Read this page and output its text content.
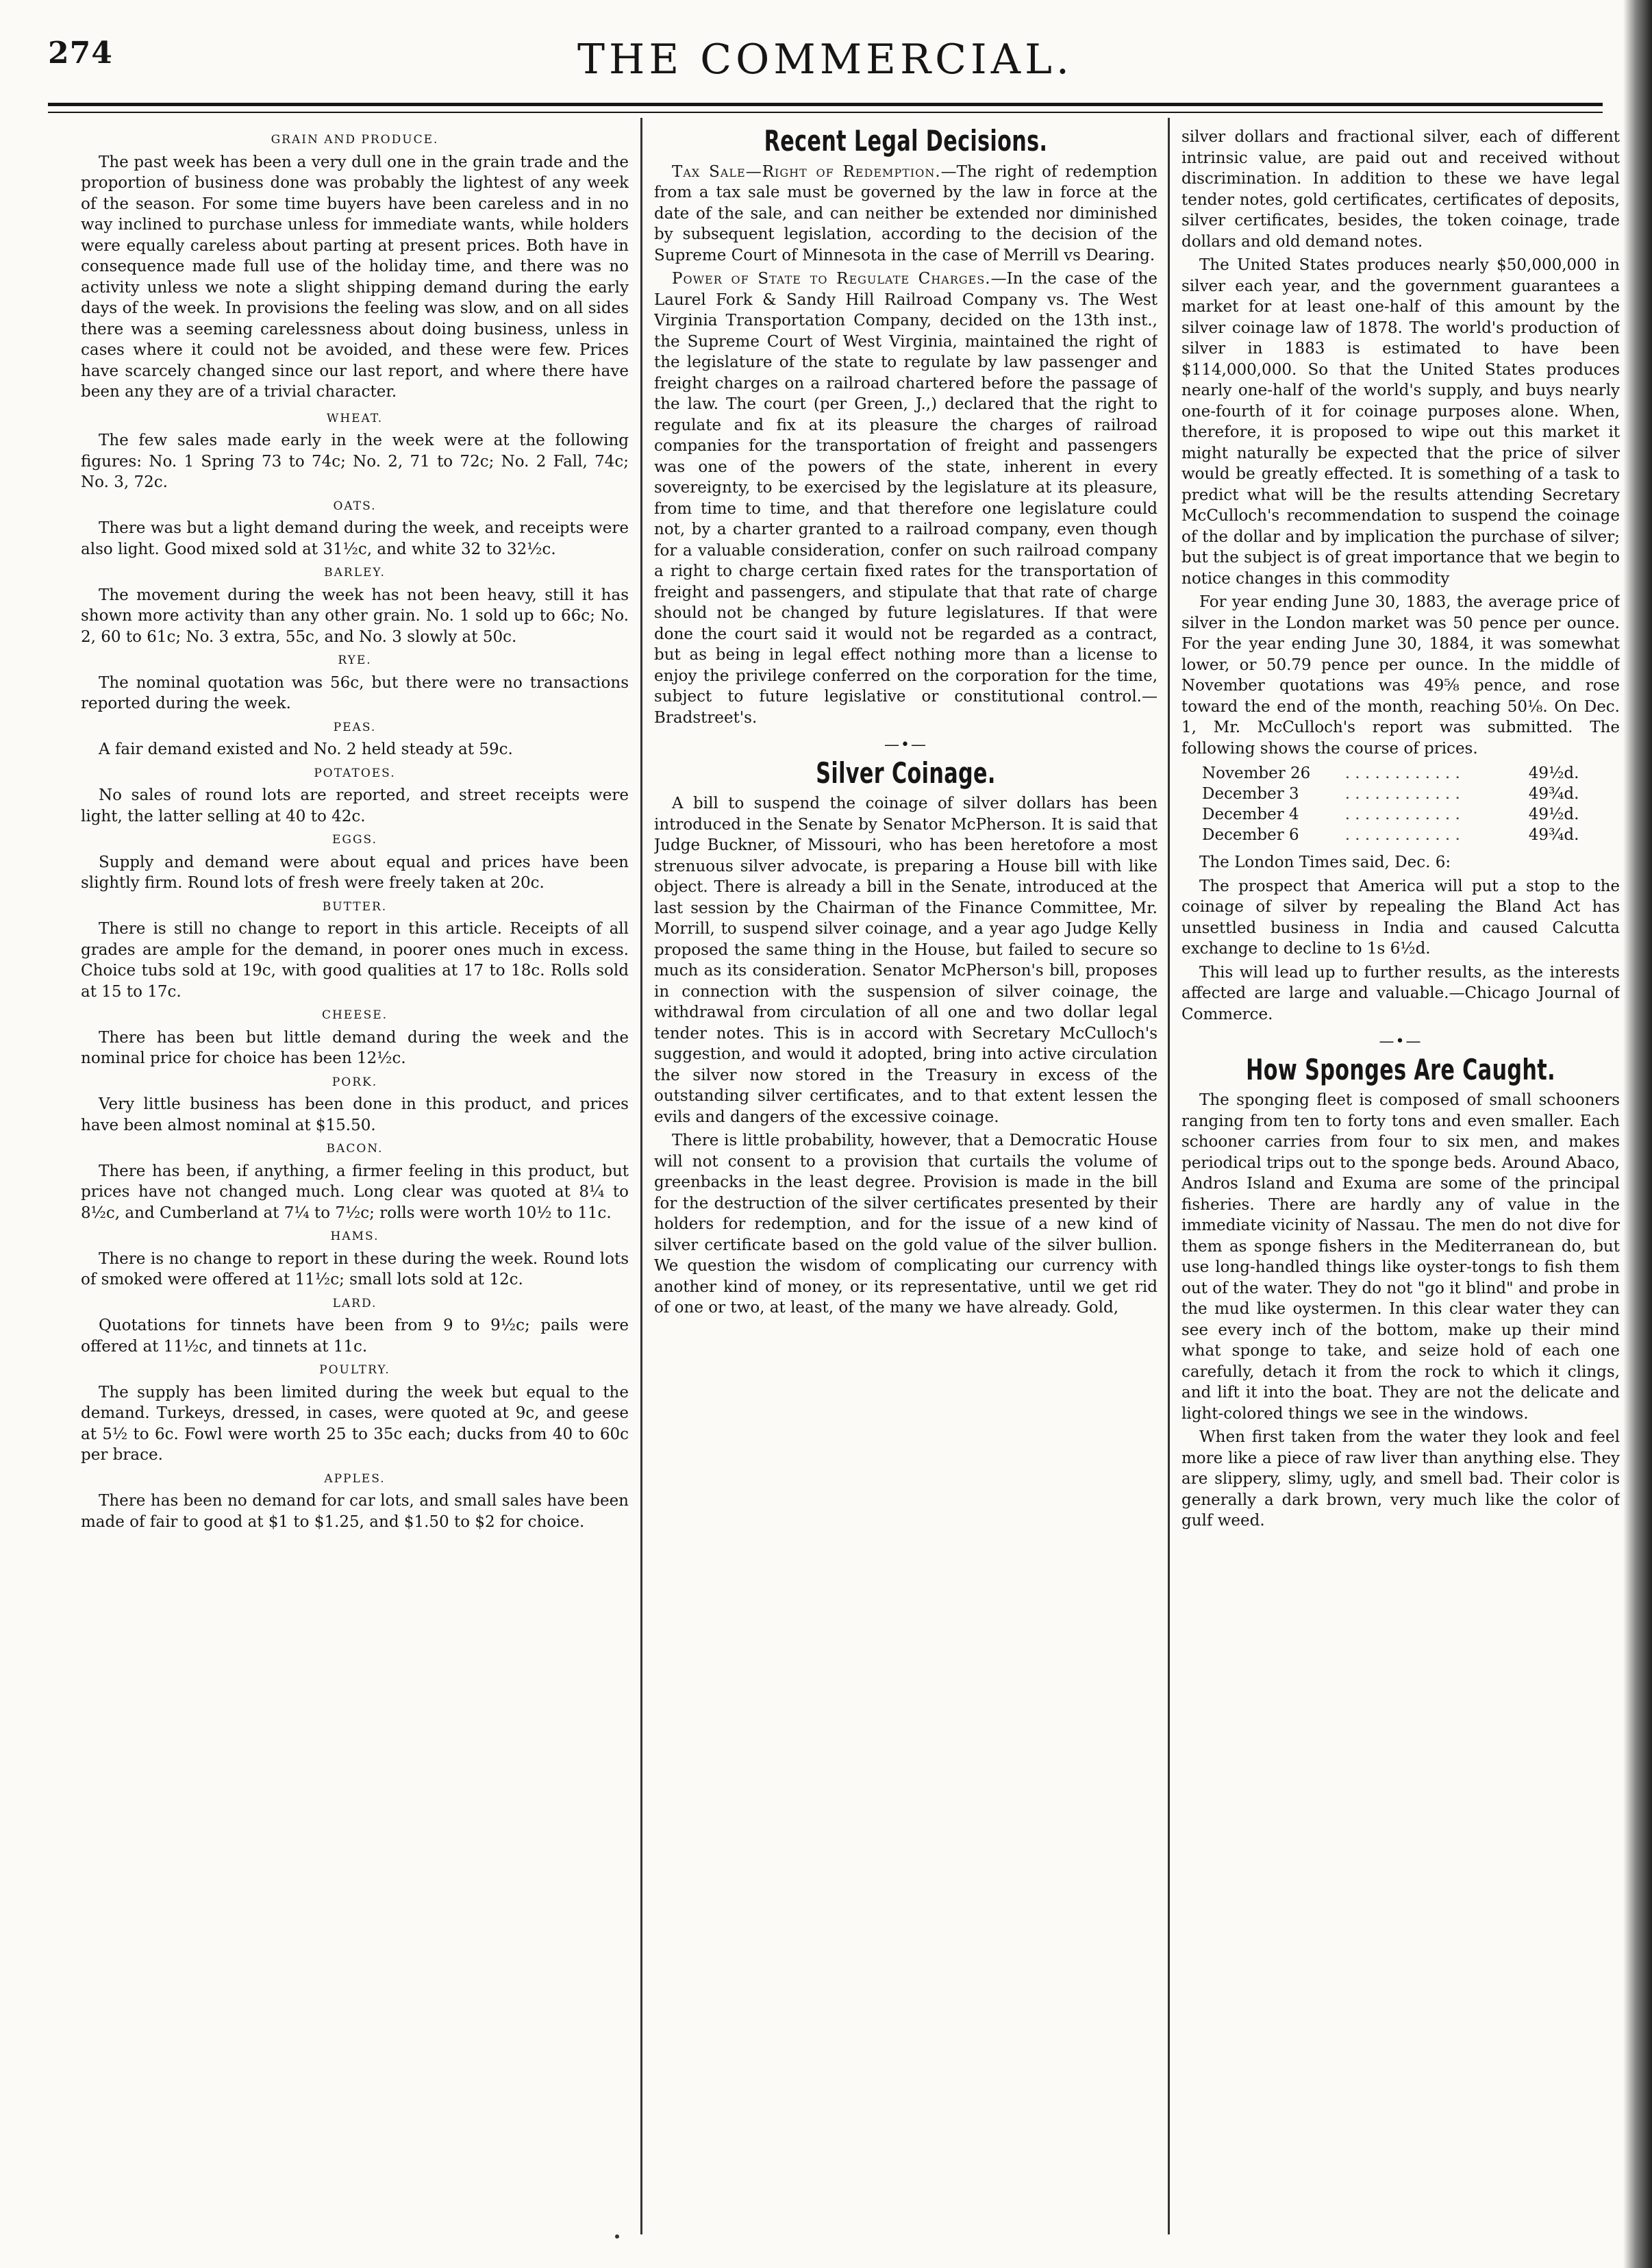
274	THE COMMERCIAL.
GRAIN AND PRODUCE.

The past week has been a very dull one in the grain trade and the proportion of business done was probably the lightest of any week of the season. For some time buyers have been careless and in no way inclined to purchase unless for immediate wants, while holders were equally careless about parting at present prices. Both have in consequence made full use of the holiday time, and there was no activity unless we note a slight shipping demand during the early days of the week. In provisions the feeling was slow, and on all sides there was a seeming carelessness about doing business, unless in cases where it could not be avoided, and these were few. Prices have scarcely changed since our last report, and where there have been any they are of a trivial character.

WHEAT.

The few sales made early in the week were at the following figures: No. 1 Spring 73 to 74c; No. 2, 71 to 72c; No. 2 Fall, 74c; No. 3, 72c.

OATS.

There was but a light demand during the week, and receipts were also light. Good mixed sold at 31½c, and white 32 to 32½c.

BARLEY.

The movement during the week has not been heavy, still it has shown more activity than any other grain. No. 1 sold up to 66c; No. 2, 60 to 61c; No. 3 extra, 55c, and No. 3 slowly at 50c.

RYE.

The nominal quotation was 56c, but there were no transactions reported during the week.

PEAS.

A fair demand existed and No. 2 held steady at 59c.

POTATOES.

No sales of round lots are reported, and street receipts were light, the latter selling at 40 to 42c.

EGGS.

Supply and demand were about equal and prices have been slightly firm. Round lots of fresh were freely taken at 20c.

BUTTER.

There is still no change to report in this article. Receipts of all grades are ample for the demand, in poorer ones much in excess. Choice tubs sold at 19c, with good qualities at 17 to 18c. Rolls sold at 15 to 17c.

CHEESE.

There has been but little demand during the week and the nominal price for choice has been 12½c.

PORK.

Very little business has been done in this product, and prices have been almost nominal at $15.50.

BACON.

There has been, if anything, a firmer feeling in this product, but prices have not changed much. Long clear was quoted at 8¼ to 8½c, and Cumberland at 7¼ to 7½c; rolls were worth 10½ to 11c.

HAMS.

There is no change to report in these during the week. Round lots of smoked were offered at 11½c; small lots sold at 12c.

LARD.

Quotations for tinnets have been from 9 to 9½c; pails were offered at 11½c, and tinnets at 11c.

POULTRY.

The supply has been limited during the week but equal to the demand. Turkeys, dressed, in cases, were quoted at 9c, and geese at 5½ to 6c. Fowl were worth 25 to 35c each; ducks from 40 to 60c per brace.

APPLES.

There has been no demand for car lots, and small sales have been made of fair to good at $1 to $1.25, and $1.50 to $2 for choice.

Recent Legal Decisions.

Tax Sale—Right of Redemption.—The right of redemption from a tax sale must be governed by the law in force at the date of the sale, and can neither be extended nor diminished by subsequent legislation, according to the decision of the Supreme Court of Minnesota in the case of Merrill vs Dearing.

Power of State to Regulate Charges.—In the case of the Laurel Fork & Sandy Hill Railroad Company vs. The West Virginia Transportation Company, decided on the 13th inst., the Supreme Court of West Virginia, maintained the right of the legislature of the state to regulate by law passenger and freight charges on a railroad chartered before the passage of the law. The court (per Green, J.,) declared that the right to regulate and fix at its pleasure the charges of railroad companies for the transportation of freight and passengers was one of the powers of the state, inherent in every sovereignty, to be exercised by the legislature at its pleasure, from time to time, and that therefore one legislature could not, by a charter granted to a railroad company, even though for a valuable consideration, confer on such railroad company a right to charge certain fixed rates for the transportation of freight and passengers, and stipulate that that rate of charge should not be changed by future legislatures. If that were done the court said it would not be regarded as a contract, but as being in legal effect nothing more than a license to enjoy the privilege conferred on the corporation for the time, subject to future legislative or constitutional control.—Bradstreet's.

—•—
Silver Coinage.

A bill to suspend the coinage of silver dollars has been introduced in the Senate by Senator McPherson. It is said that Judge Buckner, of Missouri, who has been heretofore a most strenuous silver advocate, is preparing a House bill with like object. There is already a bill in the Senate, introduced at the last session by the Chairman of the Finance Committee, Mr. Morrill, to suspend silver coinage, and a year ago Judge Kelly proposed the same thing in the House, but failed to secure so much as its consideration. Senator McPherson's bill, proposes in connection with the suspension of silver coinage, the withdrawal from circulation of all one and two dollar legal tender notes. This is in accord with Secretary McCulloch's suggestion, and would it adopted, bring into active circulation the silver now stored in the Treasury in excess of the outstanding silver certificates, and to that extent lessen the evils and dangers of the excessive coinage.

There is little probability, however, that a Democratic House will not consent to a provision that curtails the volume of greenbacks in the least degree. Provision is made in the bill for the destruction of the silver certificates presented by their holders for redemption, and for the issue of a new kind of silver certificate based on the gold value of the silver bullion. We question the wisdom of complicating our currency with another kind of money, or its representative, until we get rid of one or two, at least, of the many we have already. Gold,

silver dollars and fractional silver, each of different intrinsic value, are paid out and received without discrimination. In addition to these we have legal tender notes, gold certificates, certificates of deposits, silver certificates, besides, the token coinage, trade dollars and old demand notes.

The United States produces nearly $50,000,000 in silver each year, and the government guarantees a market for at least one-half of this amount by the silver coinage law of 1878. The world's production of silver in 1883 is estimated to have been $114,000,000. So that the United States produces nearly one-half of the world's supply, and buys nearly one-fourth of it for coinage purposes alone. When, therefore, it is proposed to wipe out this market it might naturally be expected that the price of silver would be greatly effected. It is something of a task to predict what will be the results attending Secretary McCulloch's recommendation to suspend the coinage of the dollar and by implication the purchase of silver; but the subject is of great importance that we begin to notice changes in this commodity

For year ending June 30, 1883, the average price of silver in the London market was 50 pence per ounce. For the year ending June 30, 1884, it was somewhat lower, or 50.79 pence per ounce. In the middle of November quotations was 49⅝ pence, and rose toward the end of the month, reaching 50⅛. On Dec. 1, Mr. McCulloch's report was submitted. The following shows the course of prices.

November 26	. . . . . . . . . . . .	49½d.
December 3	. . . . . . . . . . . .	49¾d.
December 4	. . . . . . . . . . . .	49½d.
December 6	. . . . . . . . . . . .	49¾d.

The London Times said, Dec. 6:

The prospect that America will put a stop to the coinage of silver by repealing the Bland Act has unsettled business in India and caused Calcutta exchange to decline to 1s 6½d.

This will lead up to further results, as the interests affected are large and valuable.—Chicago Journal of Commerce.

—•—
How Sponges Are Caught.

The sponging fleet is composed of small schooners ranging from ten to forty tons and even smaller. Each schooner carries from four to six men, and makes periodical trips out to the sponge beds. Around Abaco, Andros Island and Exuma are some of the principal fisheries. There are hardly any of value in the immediate vicinity of Nassau. The men do not dive for them as sponge fishers in the Mediterranean do, but use long-handled things like oyster-tongs to fish them out of the water. They do not "go it blind" and probe in the mud like oystermen. In this clear water they can see every inch of the bottom, make up their mind what sponge to take, and seize hold of each one carefully, detach it from the rock to which it clings, and lift it into the boat. They are not the delicate and light-colored things we see in the windows.

When first taken from the water they look and feel more like a piece of raw liver than anything else. They are slippery, slimy, ugly, and smell bad. Their color is generally a dark brown, very much like the color of gulf weed.
